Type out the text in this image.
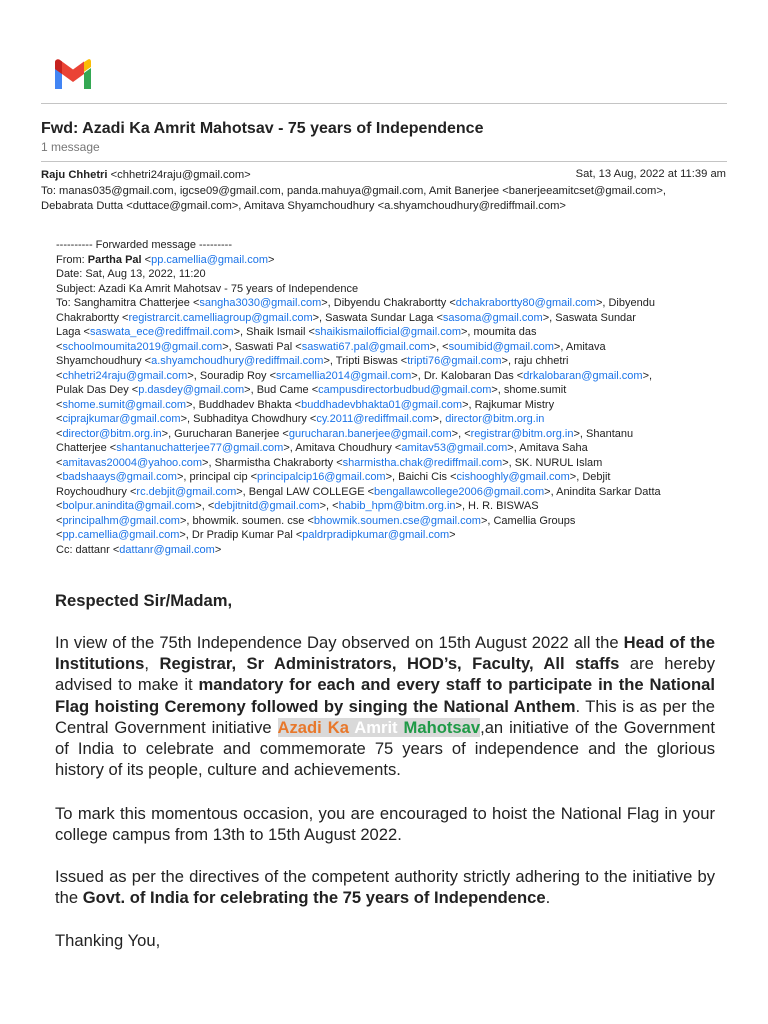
Fwd: Azadi Ka Amrit Mahotsav - 75 years of Independence
1 message
Raju Chhetri <chhetri24raju@gmail.com>	Sat, 13 Aug, 2022 at 11:39 am
To: manas035@gmail.com, igcse09@gmail.com, panda.mahuya@gmail.com, Amit Banerjee <banerjeeamitcset@gmail.com>,
Debabrata Dutta <duttace@gmail.com>, Amitava Shyamchoudhury <a.shyamchoudhury@rediffmail.com>
---------- Forwarded message ---------
From: Partha Pal <pp.camellia@gmail.com>
Date: Sat, Aug 13, 2022, 11:20
Subject: Azadi Ka Amrit Mahotsav - 75 years of Independence
To: Sanghamitra Chatterjee <sangha3030@gmail.com>, Dibyendu Chakrabortty <dchakrabortty80@gmail.com>, Dibyendu
Chakrabortty <registrarcit.camelliagroup@gmail.com>, Saswata Sundar Laga <sasoma@gmail.com>, Saswata Sundar
Laga <saswata_ece@rediffmail.com>, Shaik Ismail <shaikismailofficial@gmail.com>, moumita das
<schoolmoumita2019@gmail.com>, Saswati Pal <saswati67.pal@gmail.com>, <soumibid@gmail.com>, Amitava
Shyamchoudhury <a.shyamchoudhury@rediffmail.com>, Tripti Biswas <tripti76@gmail.com>, raju chhetri
<chhetri24raju@gmail.com>, Souradip Roy <srcamellia2014@gmail.com>, Dr. Kalobaran Das <drkalobaran@gmail.com>,
Pulak Das Dey <p.dasdey@gmail.com>, Bud Came <campusdirectorbudbud@gmail.com>, shome.sumit
<shome.sumit@gmail.com>, Buddhadev Bhakta <buddhadevbhakta01@gmail.com>, Rajkumar Mistry
<ciprajkumar@gmail.com>, Subhaditya Chowdhury <cy.2011@rediffmail.com>, director@bitm.org.in
<director@bitm.org.in>, Gurucharan Banerjee <gurucharan.banerjee@gmail.com>, <registrar@bitm.org.in>, Shantanu
Chatterjee <shantanuchatterjee77@gmail.com>, Amitava Choudhury <amitav53@gmail.com>, Amitava Saha
<amitavas20004@yahoo.com>, Sharmistha Chakraborty <sharmistha.chak@rediffmail.com>, SK. NURUL Islam
<badshaays@gmail.com>, principal cip <principalcip16@gmail.com>, Baichi Cis <cishooghly@gmail.com>, Debjit
Roychoudhury <rc.debjit@gmail.com>, Bengal LAW COLLEGE <bengallawcollege2006@gmail.com>, Anindita Sarkar Datta
<bolpur.anindita@gmail.com>, <debjitnitd@gmail.com>, <habib_hpm@bitm.org.in>, H. R. BISWAS
<principalhm@gmail.com>, bhowmik. soumen. cse <bhowmik.soumen.cse@gmail.com>, Camellia Groups
<pp.camellia@gmail.com>, Dr Pradip Kumar Pal <paldrpradipkumar@gmail.com>
Cc: dattanr <dattanr@gmail.com>
Respected Sir/Madam,
In view of the 75th Independence Day observed on 15th August 2022 all the Head of the Institutions, Registrar, Sr Administrators, HOD’s, Faculty, All staffs are hereby advised to make it mandatory for each and every staff to participate in the National Flag hoisting Ceremony followed by singing the National Anthem. This is as per the Central Government initiative Azadi Ka Amrit Mahotsav,an initiative of the Government of India to celebrate and commemorate 75 years of independence and the glorious history of its people, culture and achievements.
To mark this momentous occasion, you are encouraged to hoist the National Flag in your college campus from 13th to 15th August 2022.
Issued as per the directives of the competent authority strictly adhering to the initiative by the Govt. of India for celebrating the 75 years of Independence.
Thanking You,
